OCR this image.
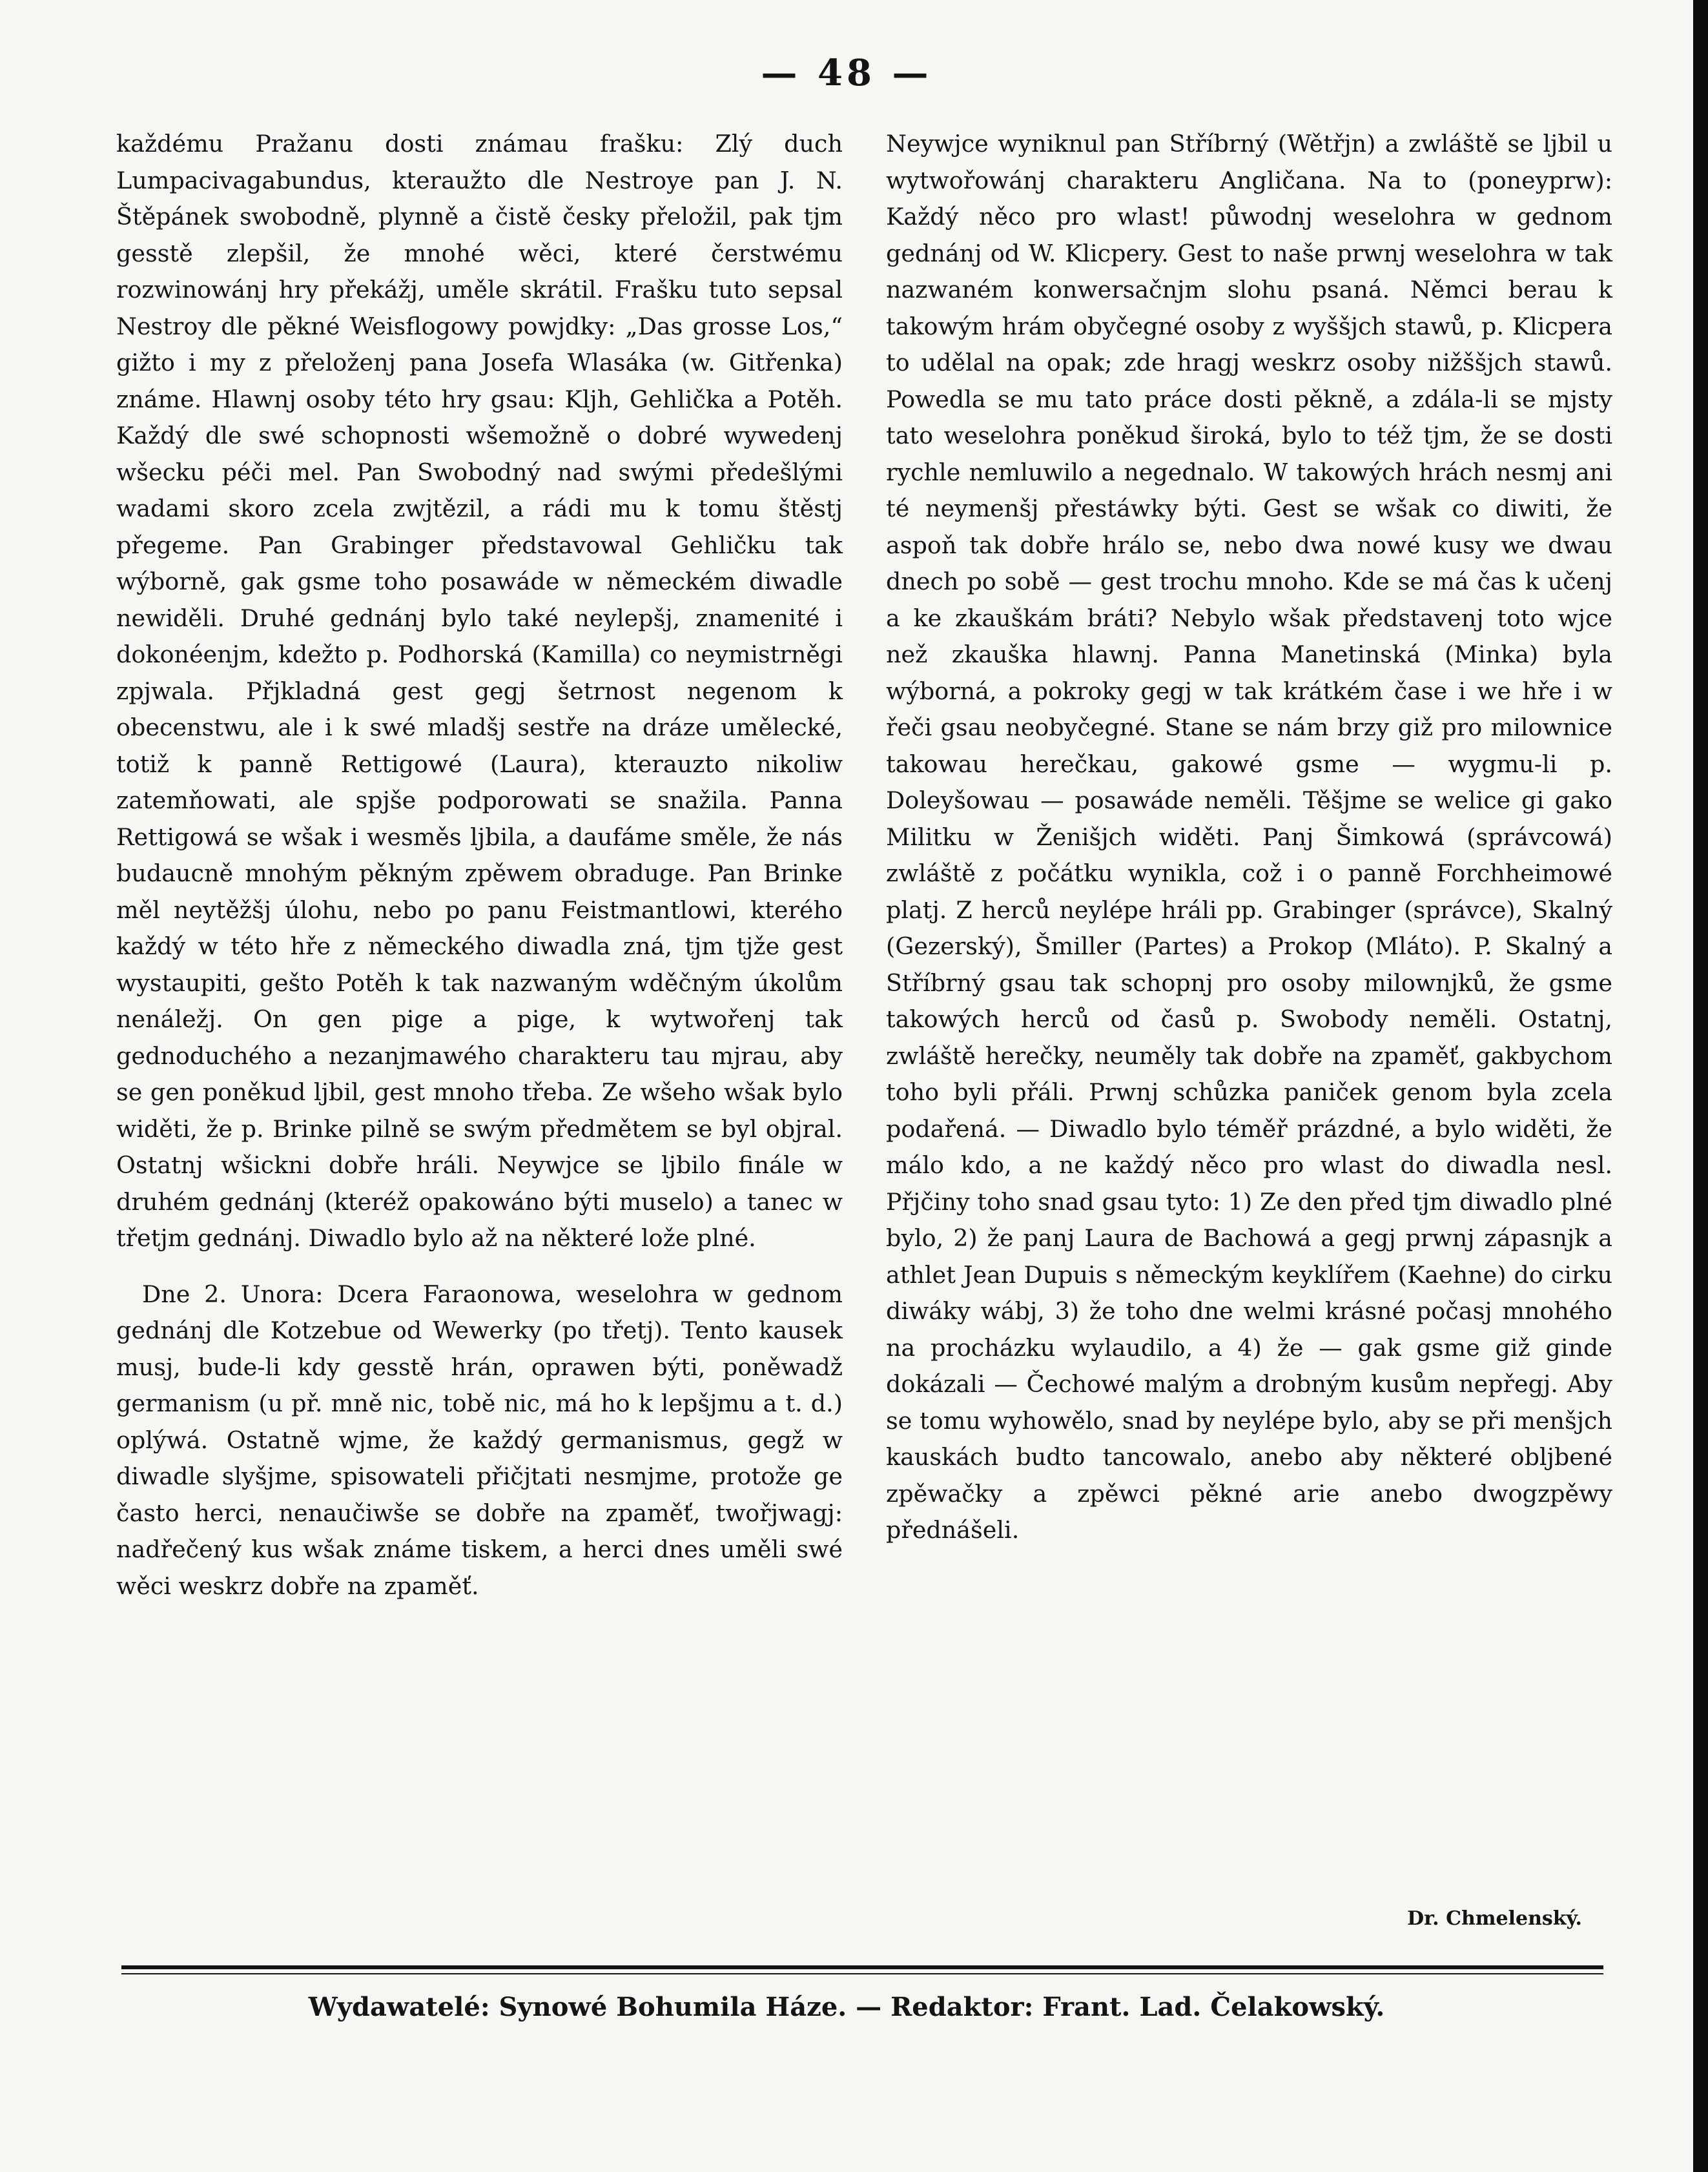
— 48 —

každému Pražanu dosti známau frašku: Zlý duch Lumpacivagabundus, kteraužto dle Nestroye pan J. N. Štěpánek swobodně, plynně a čistě česky přeložil, pak tjm gesstě zlepšil, že mnohé wěci, které čerstwému rozwinowánj hry překážj, uměle skrátil. Frašku tuto sepsal Nestroy dle pěkné Weisflogowy powjdky: „Das grosse Los,“ gižto i my z přeloženj pana Josefa Wlasáka (w. Gitřenka) známe. Hlawnj osoby této hry gsau: Kljh, Gehlička a Potěh. Každý dle swé schopnosti wšemožně o dobré wywedenj wšecku péči mel. Pan Swobodný nad swými předešlými wadami skoro zcela zwjtězil, a rádi mu k tomu štěstj přegeme. Pan Grabinger představowal Gehličku tak wýborně, gak gsme toho posawáde w německém diwadle newiděli. Druhé gednánj bylo také neylepšj, znamenité i dokonéenjm, kdežto p. Podhorská (Kamilla) co neymistrněgi zpjwala. Přjkladná gest gegj šetrnost negenom k obecenstwu, ale i k swé mladšj sestře na dráze umělecké, totiž k panně Rettigowé (Laura), kterauzto nikoliw zatemňowati, ale spjše podporowati se snažila. Panna Rettigowá se wšak i wesměs ljbila, a daufáme směle, že nás budaucně mnohým pěkným zpěwem obraduge. Pan Brinke měl neytěžšj úlohu, nebo po panu Feistmantlowi, kterého každý w této hře z německého diwadla zná, tjm tjže gest wystaupiti, gešto Potěh k tak nazwaným wděčným úkolům nenáležj. On gen pige a pige, k wytwořenj tak gednoduchého a nezanjmawého charakteru tau mjrau, aby se gen poněkud ljbil, gest mnoho třeba. Ze wšeho wšak bylo widěti, že p. Brinke pilně se swým předmětem se byl objral. Ostatnj wšickni dobře hráli. Neywjce se ljbilo finále w druhém gednánj (kteréž opakowáno býti muselo) a tanec w třetjm gednánj. Diwadlo bylo až na některé lože plné.

Dne 2. Unora: Dcera Faraonowa, weselohra w gednom gednánj dle Kotzebue od Wewerky (po třetj). Tento kausek musj, bude-li kdy gesstě hrán, oprawen býti, poněwadž germanism (u př. mně nic, tobě nic, má ho k lepšjmu a t. d.) oplýwá. Ostatně wjme, že každý germanismus, gegž w diwadle slyšjme, spisowateli přičjtati nesmjme, protože ge často herci, nenaučiwše se dobře na zpaměť, twořjwagj: nadřečený kus wšak známe tiskem, a herci dnes uměli swé wěci weskrz dobře na zpaměť.

Neywjce wyniknul pan Stříbrný (Wětřjn) a zwláště se ljbil u wytwořowánj charakteru Angličana. Na to (poneyprw): Každý něco pro wlast! půwodnj weselohra w gednom gednánj od W. Klicpery. Gest to naše prwnj weselohra w tak nazwaném konwersačnjm slohu psaná. Němci berau k takowým hrám obyčegné osoby z wyššjch stawů, p. Klicpera to udělal na opak; zde hragj weskrz osoby nižššjch stawů. Powedla se mu tato práce dosti pěkně, a zdála-li se mjsty tato weselohra poněkud široká, bylo to též tjm, že se dosti rychle nemluwilo a negednalo. W takowých hrách nesmj ani té neymenšj přestáwky býti. Gest se wšak co diwiti, že aspoň tak dobře hrálo se, nebo dwa nowé kusy we dwau dnech po sobě — gest trochu mnoho. Kde se má čas k učenj a ke zkauškám bráti? Nebylo wšak představenj toto wjce než zkauška hlawnj. Panna Manetinská (Minka) byla wýborná, a pokroky gegj w tak krátkém čase i we hře i w řeči gsau neobyčegné. Stane se nám brzy giž pro milownice takowau herečkau, gakowé gsme — wygmu-li p. Doleyšowau — posawáde neměli. Těšjme se welice gi gako Militku w Ženišjch widěti. Panj Šimkowá (správcowá) zwláště z počátku wynikla, což i o panně Forchheimowé platj. Z herců neylépe hráli pp. Grabinger (správce), Skalný (Gezerský), Šmiller (Partes) a Prokop (Mláto). P. Skalný a Stříbrný gsau tak schopnj pro osoby milownjků, že gsme takowých herců od časů p. Swobody neměli. Ostatnj, zwláště herečky, neuměly tak dobře na zpaměť, gakbychom toho byli přáli. Prwnj schůzka paniček genom byla zcela podařená. — Diwadlo bylo téměř prázdné, a bylo widěti, že málo kdo, a ne každý něco pro wlast do diwadla nesl. Přjčiny toho snad gsau tyto: 1) Ze den před tjm diwadlo plné bylo, 2) že panj Laura de Bachowá a gegj prwnj zápasnjk a athlet Jean Dupuis s německým keyklířem (Kaehne) do cirku diwáky wábj, 3) že toho dne welmi krásné počasj mnohého na procházku wylaudilo, a 4) že — gak gsme giž ginde dokázali — Čechowé malým a drobným kusům nepřegj. Aby se tomu wyhowělo, snad by neylépe bylo, aby se při menšjch kauskách budto tancowalo, anebo aby některé obljbené zpěwačky a zpěwci pěkné arie anebo dwogzpěwy přednášeli.

Dr. Chmelenský.
Wydawatelé: Synowé Bohumila Háze. — Redaktor: Frant. Lad. Čelakowský.
